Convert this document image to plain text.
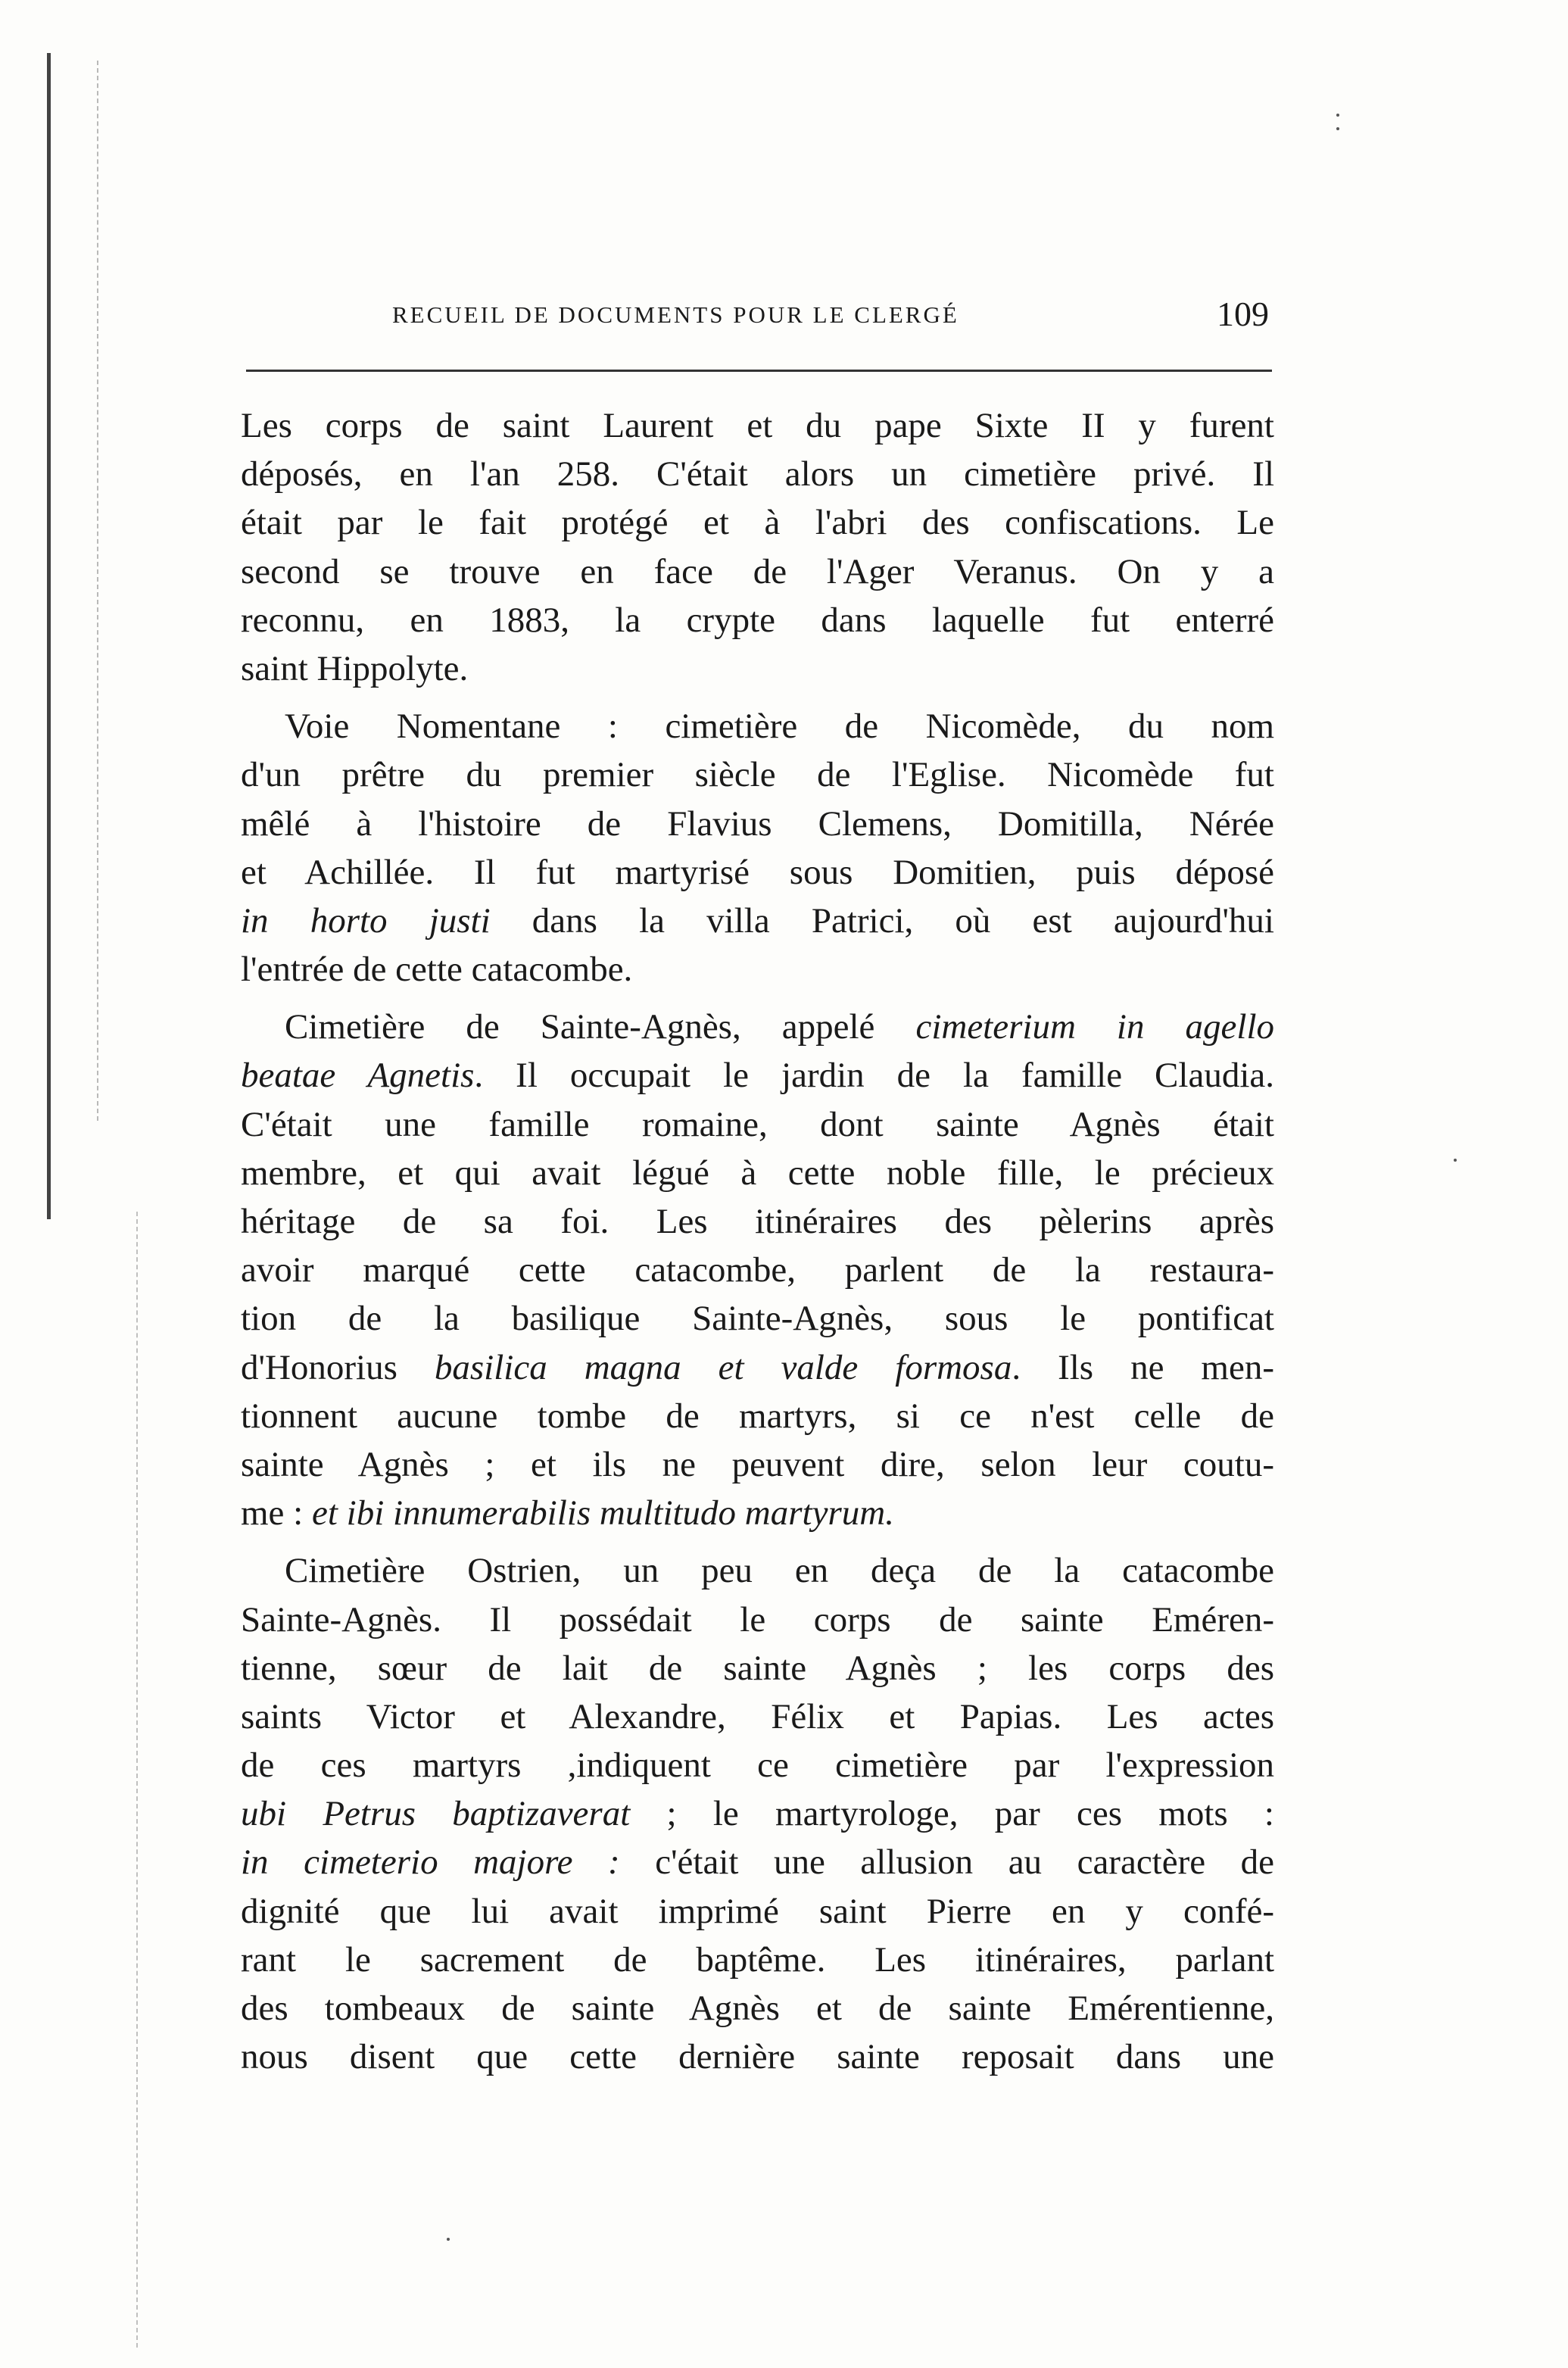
RECUEIL DE DOCUMENTS POUR LE CLERGÉ	109
Les corps de saint Laurent et du pape Sixte II y furent
déposés, en l'an 258. C'était alors un cimetière privé. Il
était par le fait protégé et à l'abri des confiscations. Le
second se trouve en face de l'Ager Veranus. On y a
reconnu, en 1883, la crypte dans laquelle fut enterré
saint Hippolyte.
Voie Nomentane : cimetière de Nicomède, du nom
d'un prêtre du premier siècle de l'Eglise. Nicomède fut
mêlé à l'histoire de Flavius Clemens, Domitilla, Nérée
et Achillée. Il fut martyrisé sous Domitien, puis déposé
in horto justi dans la villa Patrici, où est aujourd'hui
l'entrée de cette catacombe.
Cimetière de Sainte-Agnès, appelé cimeterium in agello
beatae Agnetis. Il occupait le jardin de la famille Claudia.
C'était une famille romaine, dont sainte Agnès était
membre, et qui avait légué à cette noble fille, le précieux
héritage de sa foi. Les itinéraires des pèlerins après
avoir marqué cette catacombe, parlent de la restaura-
tion de la basilique Sainte-Agnès, sous le pontificat
d'Honorius basilica magna et valde formosa. Ils ne men-
tionnent aucune tombe de martyrs, si ce n'est celle de
sainte Agnès ; et ils ne peuvent dire, selon leur coutu-
me : et ibi innumerabilis multitudo martyrum.
Cimetière Ostrien, un peu en deça de la catacombe
Sainte-Agnès. Il possédait le corps de sainte Eméren-
tienne, sœur de lait de sainte Agnès ; les corps des
saints Victor et Alexandre, Félix et Papias. Les actes
de ces martyrs ,indiquent ce cimetière par l'expression
ubi Petrus baptizaverat ; le martyrologe, par ces mots :
in cimeterio majore : c'était une allusion au caractère de
dignité que lui avait imprimé saint Pierre en y confé-
rant le sacrement de baptême. Les itinéraires, parlant
des tombeaux de sainte Agnès et de sainte Emérentienne,
nous disent que cette dernière sainte reposait dans une
